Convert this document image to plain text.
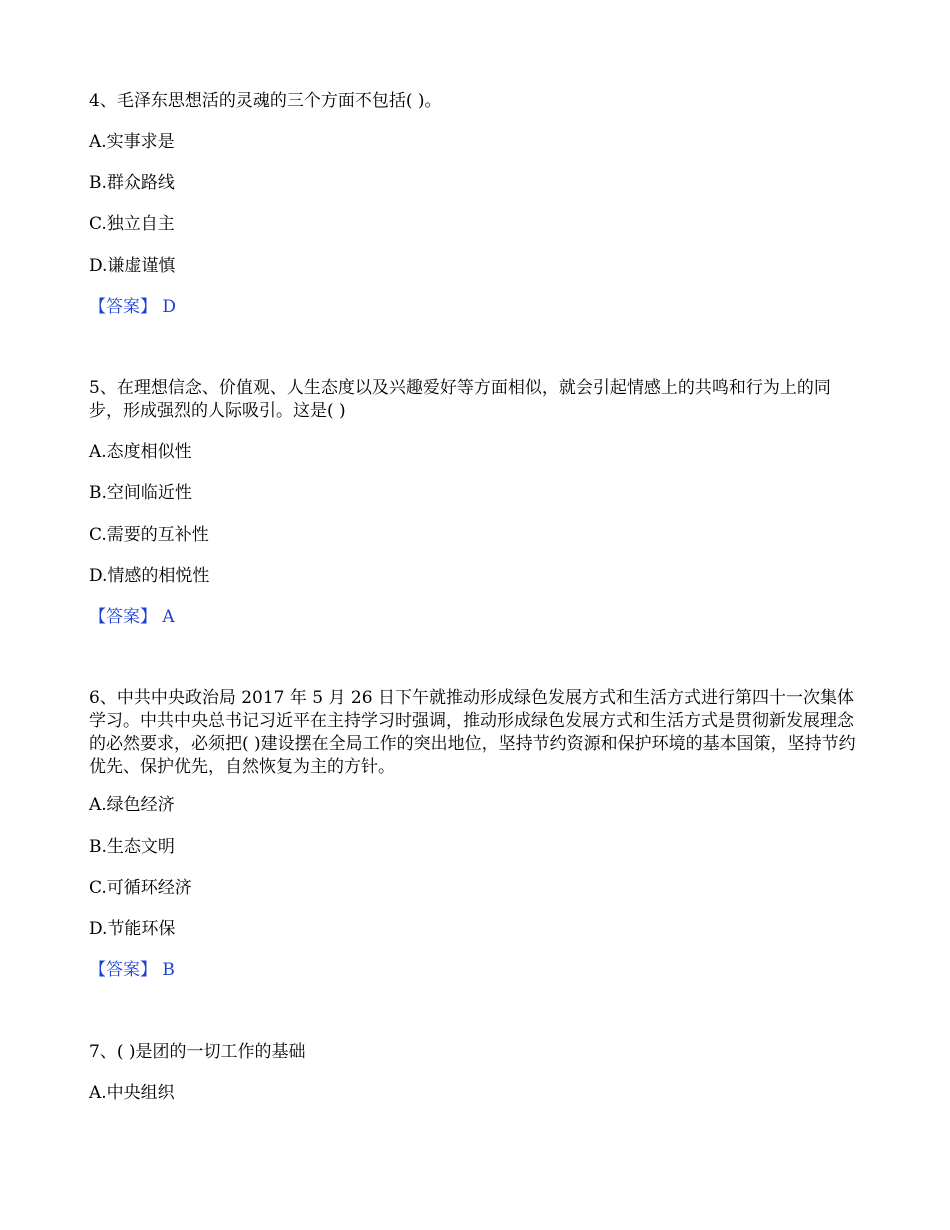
4、毛泽东思想活的灵魂的三个方面不包括( )。

A.实事求是

B.群众路线

C.独立自主

D.谦虚谨慎

【答案】 D

5、在理想信念、价值观、人生态度以及兴趣爱好等方面相似，就会引起情感上的共鸣和行为上的同步，形成强烈的人际吸引。这是( )

A.态度相似性

B.空间临近性

C.需要的互补性

D.情感的相悦性

【答案】 A

6、中共中央政治局 2017 年 5 月 26 日下午就推动形成绿色发展方式和生活方式进行第四十一次集体学习。中共中央总书记习近平在主持学习时强调，推动形成绿色发展方式和生活方式是贯彻新发展理念的必然要求，必须把( )建设摆在全局工作的突出地位，坚持节约资源和保护环境的基本国策，坚持节约优先、保护优先，自然恢复为主的方针。

A.绿色经济

B.生态文明

C.可循环经济

D.节能环保

【答案】 B

7、( )是团的一切工作的基础

A.中央组织
